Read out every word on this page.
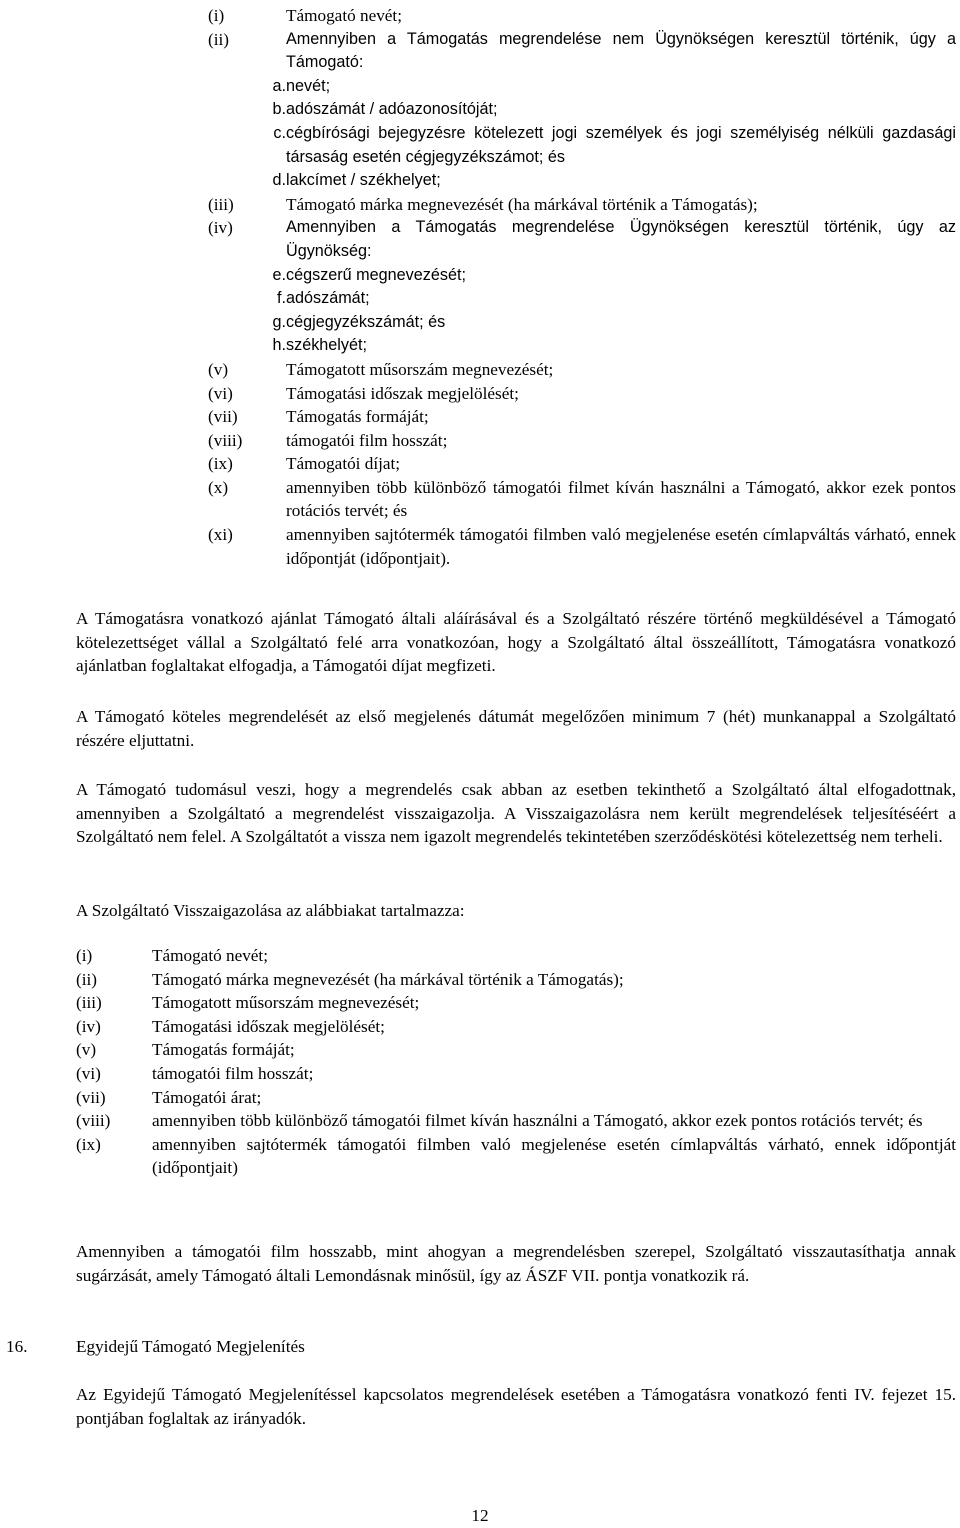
(i)	Támogató nevét;
(ii)	Amennyiben a Támogatás megrendelése nem Ügynökségen keresztül történik, úgy a Támogató:
a. nevét;
b. adószámát / adóazonosítóját;
c. cégbírósági bejegyzésre kötelezett jogi személyek és jogi személyiség nélküli gazdasági társaság esetén cégjegyzékszámot; és
d. lakcímet / székhelyet;
(iii)	Támogató márka megnevezését (ha márkával történik a Támogatás);
(iv)	Amennyiben a Támogatás megrendelése Ügynökségen keresztül történik, úgy az Ügynökség:
e. cégszerű megnevezését;
f. adószámát;
g. cégjegyzékszámát; és
h. székhelyét;
(v)	Támogatott műsorszám megnevezését;
(vi)	Támogatási időszak megjelölését;
(vii)	Támogatás formáját;
(viii)	támogatói film hosszát;
(ix)	Támogatói díjat;
(x)	amennyiben több különböző támogatói filmet kíván használni a Támogató, akkor ezek pontos rotációs tervét; és
(xi)	amennyiben sajtótermék támogatói filmben való megjelenése esetén címlapváltás várható, ennek időpontját (időpontjait).

A Támogatásra vonatkozó ajánlat Támogató általi aláírásával és a Szolgáltató részére történő megküldésével a Támogató kötelezettséget vállal a Szolgáltató felé arra vonatkozóan, hogy a Szolgáltató által összeállított, Támogatásra vonatkozó ajánlatban foglaltakat elfogadja, a Támogatói díjat megfizeti.

A Támogató köteles megrendelését az első megjelenés dátumát megelőzően minimum 7 (hét) munkanappal a Szolgáltató részére eljuttatni.

A Támogató tudomásul veszi, hogy a megrendelés csak abban az esetben tekinthető a Szolgáltató által elfogadottnak, amennyiben a Szolgáltató a megrendelést visszaigazolja. A Visszaigazolásra nem került megrendelések teljesítéséért a Szolgáltató nem felel. A Szolgáltatót a vissza nem igazolt megrendelés tekintetében szerződéskötési kötelezettség nem terheli.

A Szolgáltató Visszaigazolása az alábbiakat tartalmazza:

(i)	Támogató nevét;
(ii)	Támogató márka megnevezését (ha márkával történik a Támogatás);
(iii)	Támogatott műsorszám megnevezését;
(iv)	Támogatási időszak megjelölését;
(v)	Támogatás formáját;
(vi)	támogatói film hosszát;
(vii)	Támogatói árat;
(viii) amennyiben több különböző támogatói filmet kíván használni a Támogató, akkor ezek pontos rotációs tervét; és
(ix)	amennyiben sajtótermék támogatói filmben való megjelenése esetén címlapváltás várható, ennek időpontját (időpontjait)

Amennyiben a támogatói film hosszabb, mint ahogyan a megrendelésben szerepel, Szolgáltató visszautasíthatja annak sugárzását, amely Támogató általi Lemondásnak minősül, így az ÁSZF VII. pontja vonatkozik rá.

16.	Egyidejű Támogató Megjelenítés

Az Egyidejű Támogató Megjelenítéssel kapcsolatos megrendelések esetében a Támogatásra vonatkozó fenti IV. fejezet 15. pontjában foglaltak az irányadók.

12
